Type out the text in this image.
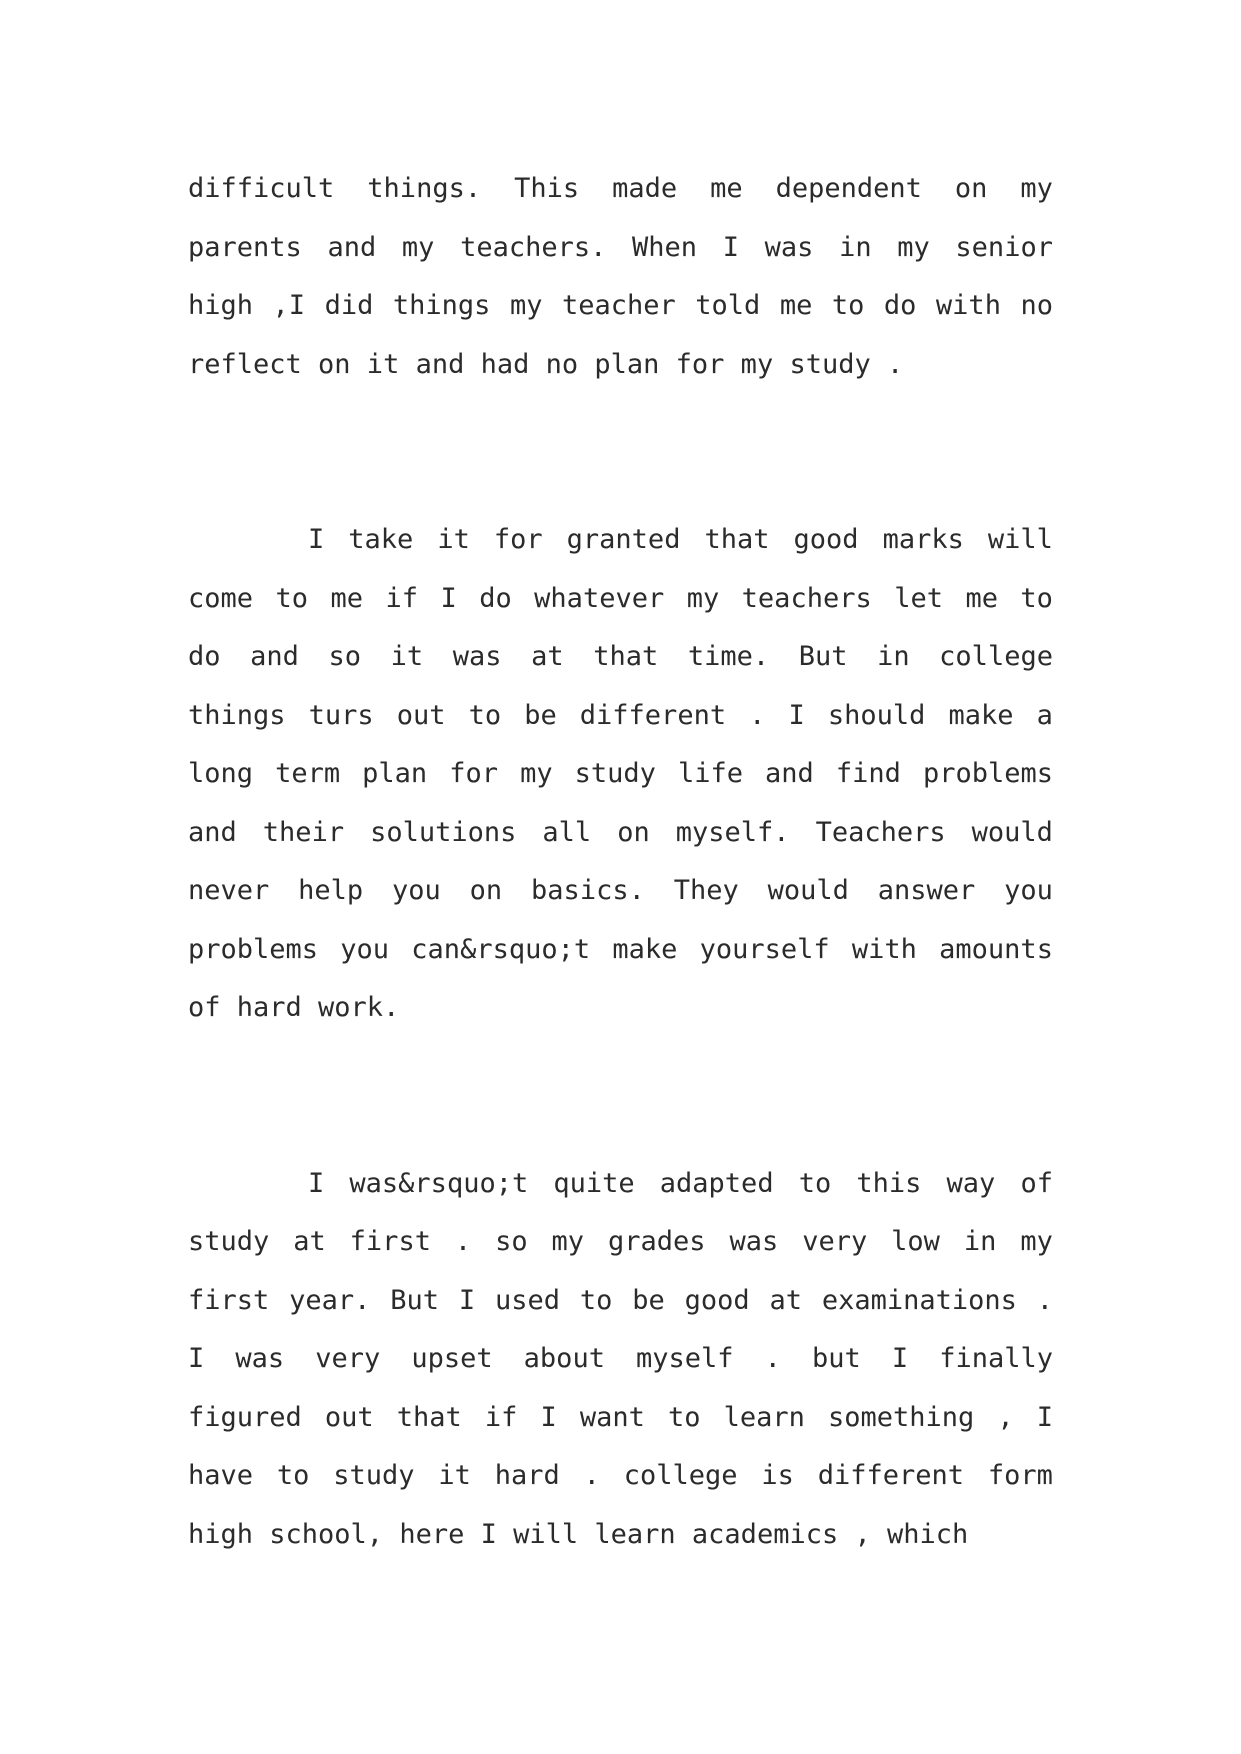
difficult things. This made me dependent on my
parents and my teachers. When I was in my senior
high ,I did things my teacher told me to do with no
reflect on it and had no plan for my study .
I take it for granted that good marks will
come to me if I do whatever my teachers let me to
do and so it was at that time. But in college
things turs out to be different . I should make a
long term plan for my study life and find problems
and their solutions all on myself. Teachers would
never help you on basics. They would answer you
problems you can&rsquo;t make yourself with amounts
of hard work.
I was&rsquo;t quite adapted to this way of
study at first . so my grades was very low in my
first year. But I used to be good at examinations .
I was very upset about myself . but I finally
figured out that if I want to learn something , I
have to study it hard . college is different form
high school, here I will learn academics , which
